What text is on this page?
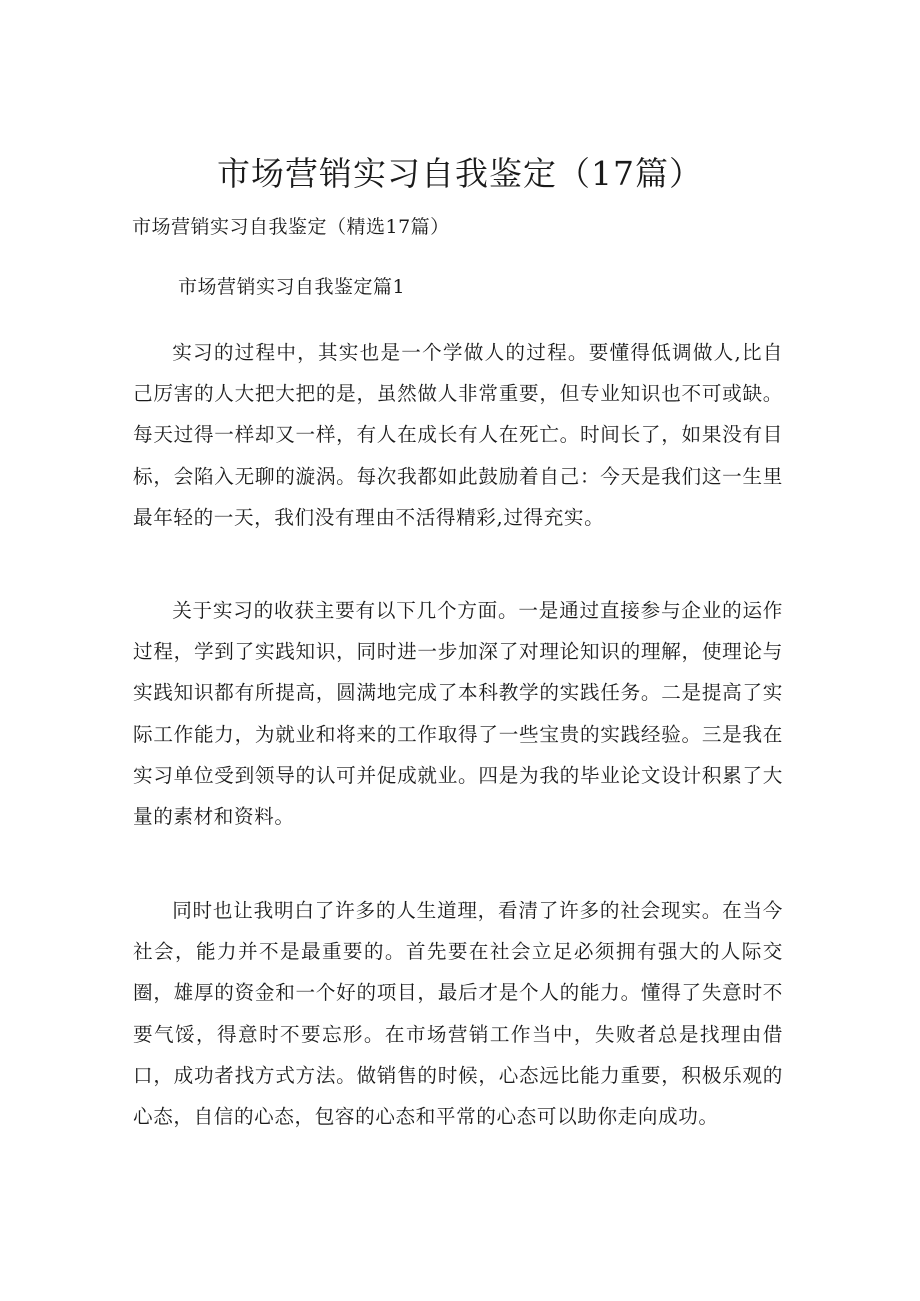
市场营销实习自我鉴定（17篇）

市场营销实习自我鉴定（精选17篇）

市场营销实习自我鉴定篇1

实习的过程中，其实也是一个学做人的过程。要懂得低调做人,比自己厉害的人大把大把的是，虽然做人非常重要，但专业知识也不可或缺。每天过得一样却又一样，有人在成长有人在死亡。时间长了，如果没有目标，会陷入无聊的漩涡。每次我都如此鼓励着自己：今天是我们这一生里最年轻的一天，我们没有理由不活得精彩,过得充实。

关于实习的收获主要有以下几个方面。一是通过直接参与企业的运作过程，学到了实践知识，同时进一步加深了对理论知识的理解，使理论与实践知识都有所提高，圆满地完成了本科教学的实践任务。二是提高了实际工作能力，为就业和将来的工作取得了一些宝贵的实践经验。三是我在实习单位受到领导的认可并促成就业。四是为我的毕业论文设计积累了大量的素材和资料。

同时也让我明白了许多的人生道理，看清了许多的社会现实。在当今社会，能力并不是最重要的。首先要在社会立足必须拥有强大的人际交圈，雄厚的资金和一个好的项目，最后才是个人的能力。懂得了失意时不要气馁，得意时不要忘形。在市场营销工作当中，失败者总是找理由借口，成功者找方式方法。做销售的时候，心态远比能力重要，积极乐观的心态，自信的心态，包容的心态和平常的心态可以助你走向成功。
